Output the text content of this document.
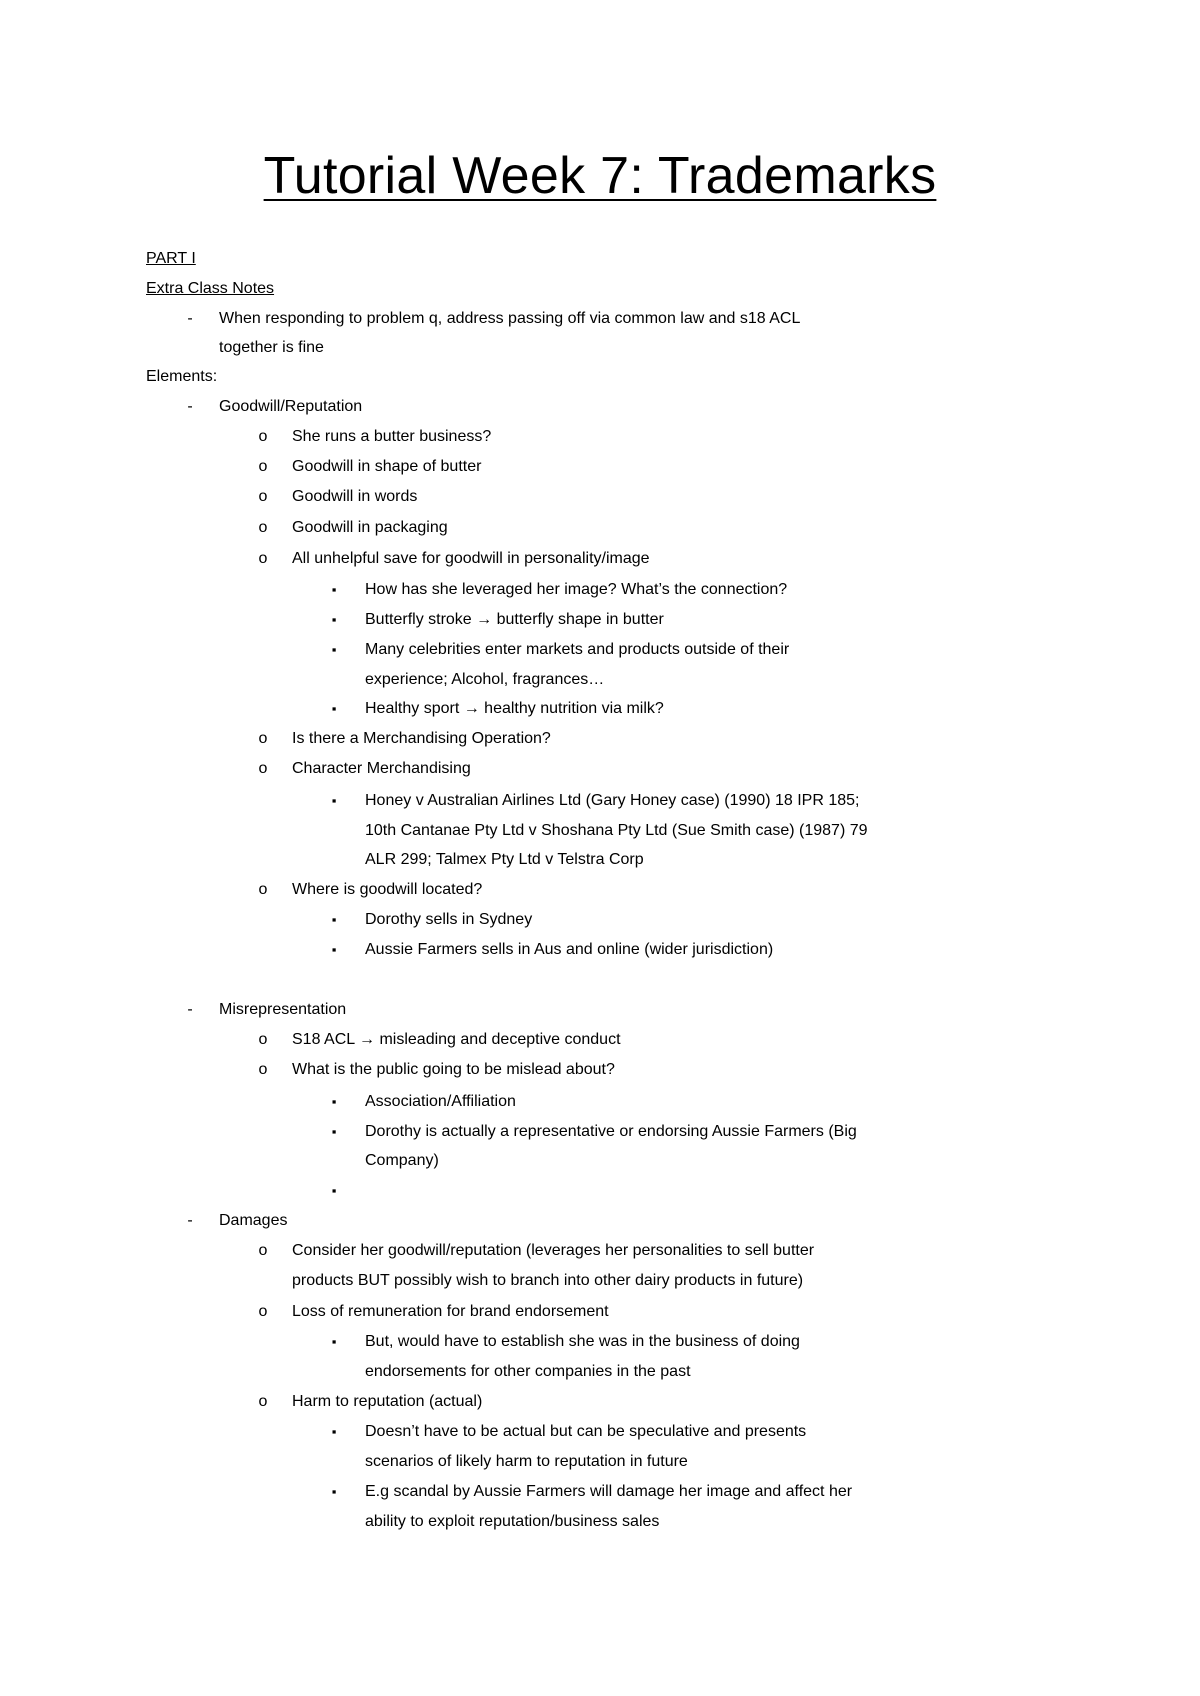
Tutorial Week 7: Trademarks
PART I
Extra Class Notes
-	When responding to problem q, address passing off via common law and s18 ACL
together is fine
Elements:
-	Goodwill/Reputation
o	She runs a butter business?
o	Goodwill in shape of butter
o	Goodwill in words
o	Goodwill in packaging
o	All unhelpful save for goodwill in personality/image
▪	How has she leveraged her image? What’s the connection?
▪	Butterfly stroke → butterfly shape in butter
▪	Many celebrities enter markets and products outside of their
experience; Alcohol, fragrances…
▪	Healthy sport → healthy nutrition via milk?
o	Is there a Merchandising Operation?
o	Character Merchandising
▪	Honey v Australian Airlines Ltd (Gary Honey case) (1990) 18 IPR 185;
10th Cantanae Pty Ltd v Shoshana Pty Ltd (Sue Smith case) (1987) 79
ALR 299; Talmex Pty Ltd v Telstra Corp
o	Where is goodwill located?
▪	Dorothy sells in Sydney
▪	Aussie Farmers sells in Aus and online (wider jurisdiction)
-	Misrepresentation
o	S18 ACL → misleading and deceptive conduct
o	What is the public going to be mislead about?
▪	Association/Affiliation
▪	Dorothy is actually a representative or endorsing Aussie Farmers (Big
Company)
▪
-	Damages
o	Consider her goodwill/reputation (leverages her personalities to sell butter
products BUT possibly wish to branch into other dairy products in future)
o	Loss of remuneration for brand endorsement
▪	But, would have to establish she was in the business of doing
endorsements for other companies in the past
o	Harm to reputation (actual)
▪	Doesn’t have to be actual but can be speculative and presents
scenarios of likely harm to reputation in future
▪	E.g scandal by Aussie Farmers will damage her image and affect her
ability to exploit reputation/business sales
